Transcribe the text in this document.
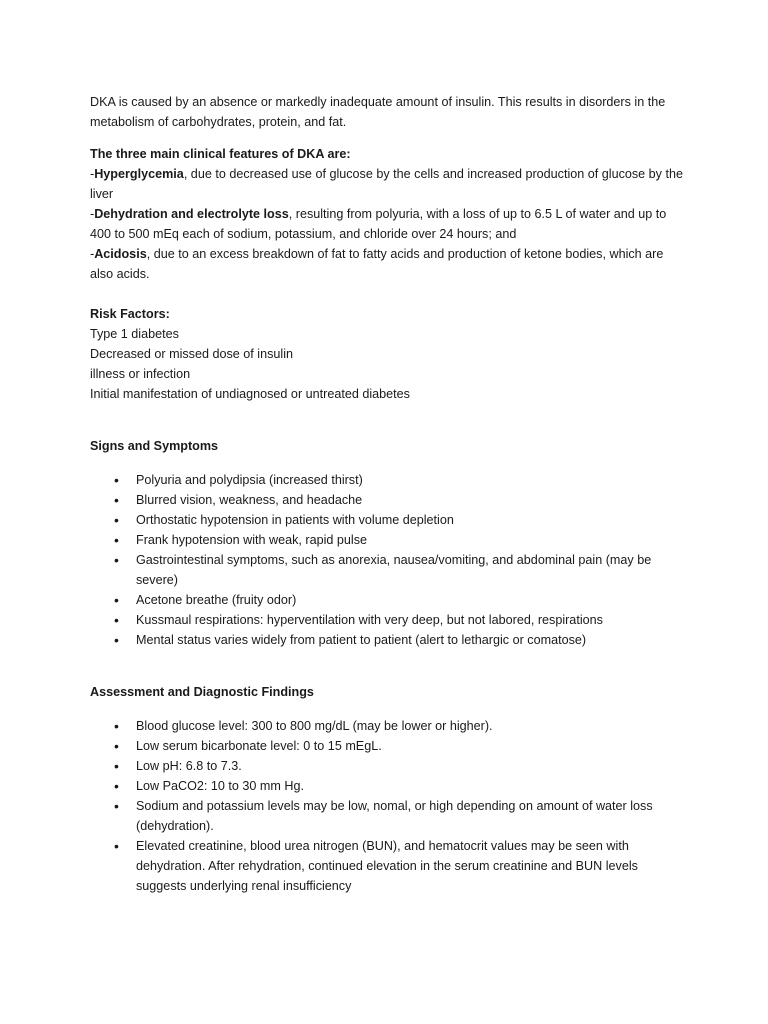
DKA is caused by an absence or markedly inadequate amount of insulin. This results in disorders in the metabolism of carbohydrates, protein, and fat.

The three main clinical features of DKA are:

-Hyperglycemia, due to decreased use of glucose by the cells and increased production of glucose by the liver

-Dehydration and electrolyte loss, resulting from polyuria, with a loss of up to 6.5 L of water and up to 400 to 500 mEq each of sodium, potassium, and chloride over 24 hours; and

-Acidosis, due to an excess breakdown of fat to fatty acids and production of ketone bodies, which are also acids.

Risk Factors:

Type 1 diabetes

Decreased or missed dose of insulin

illness or infection

Initial manifestation of undiagnosed or untreated diabetes

Signs and Symptoms

• Polyuria and polydipsia (increased thirst)
• Blurred vision, weakness, and headache
• Orthostatic hypotension in patients with volume depletion
• Frank hypotension with weak, rapid pulse
• Gastrointestinal symptoms, such as anorexia, nausea/vomiting, and abdominal pain (may be severe)
• Acetone breathe (fruity odor)
• Kussmaul respirations: hyperventilation with very deep, but not labored, respirations
• Mental status varies widely from patient to patient (alert to lethargic or comatose)

Assessment and Diagnostic Findings

• Blood glucose level: 300 to 800 mg/dL (may be lower or higher).
• Low serum bicarbonate level: 0 to 15 mEgL.
• Low pH: 6.8 to 7.3.
• Low PaCO2: 10 to 30 mm Hg.
• Sodium and potassium levels may be low, nomal, or high depending on amount of water loss (dehydration).
• Elevated creatinine, blood urea nitrogen (BUN), and hematocrit values may be seen with dehydration. After rehydration, continued elevation in the serum creatinine and BUN levels suggests underlying renal insufficiency
